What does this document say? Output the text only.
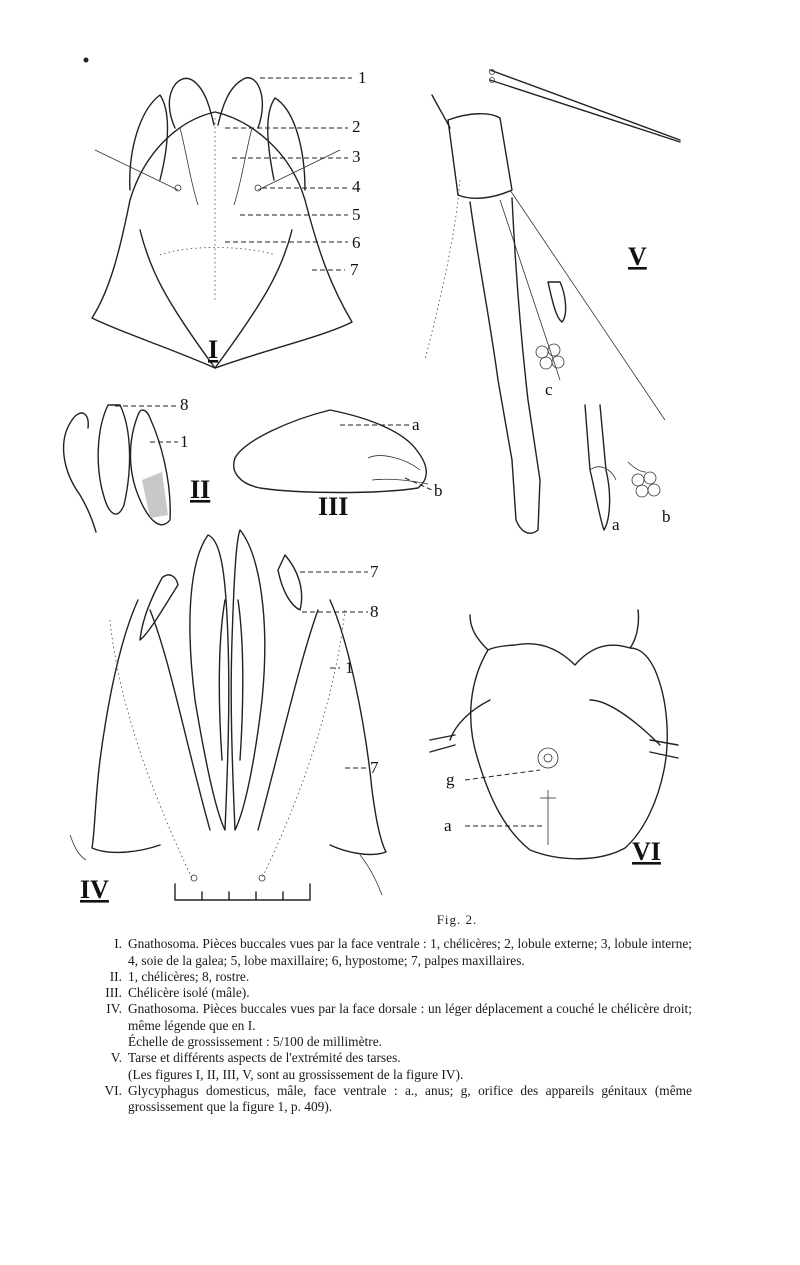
1
2
3
4
5
6
7
I
8
1
II
a
b
III
V
c
a b
7
8
1
7
IV
g
a
VI
Fig. 2.
I. Gnathosoma. Pièces buccales vues par la face ventrale : 1, chélicères; 2, lobule externe; 3, lobule interne; 4, soie de la galea; 5, lobe maxillaire; 6, hypostome; 7, palpes maxillaires.
II. 1, chélicères; 8, rostre.
III. Chélicère isolé (mâle).
IV. Gnathosoma. Pièces buccales vues par la face dorsale : un léger déplacement a couché le chélicère droit; même légende que en I.
Échelle de grossissement : 5/100 de millimètre.
V. Tarse et différents aspects de l'extrémité des tarses.
(Les figures I, II, III, V, sont au grossissement de la figure IV).
VI. Glycyphagus domesticus, mâle, face ventrale : a., anus; g, orifice des appareils génitaux (même grossissement que la figure 1, p. 409).
